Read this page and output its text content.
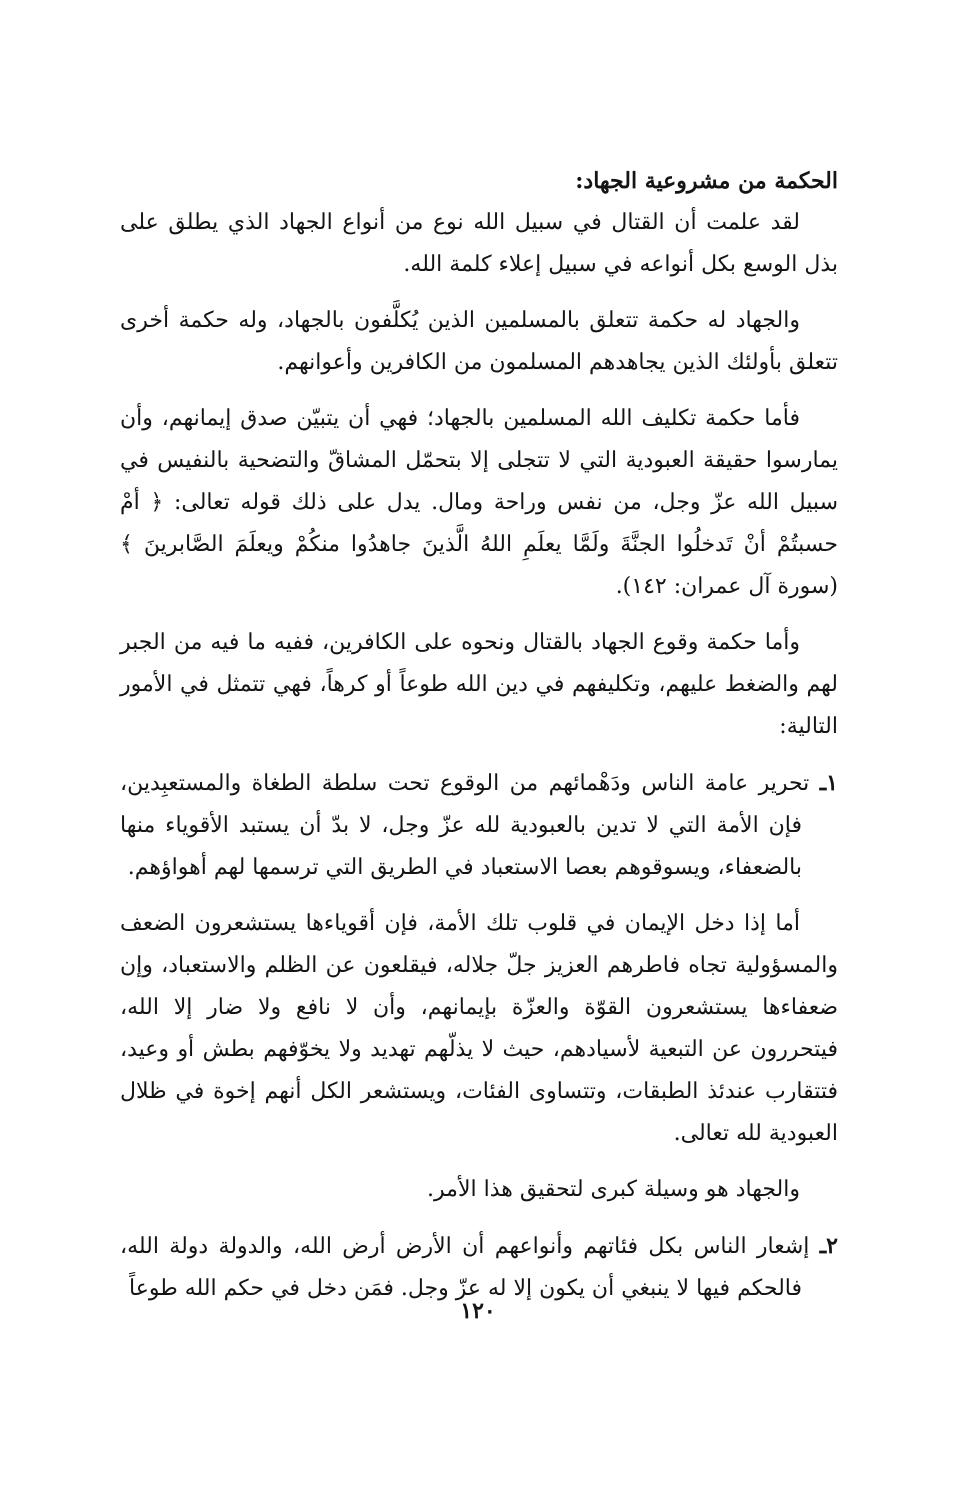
الحكمة من مشروعية الجهاد:

لقد علمت أن القتال في سبيل الله نوع من أنواع الجهاد الذي يطلق على بذل الوسع بكل أنواعه في سبيل إعلاء كلمة الله.

والجهاد له حكمة تتعلق بالمسلمين الذين يُكلَّفون بالجهاد، وله حكمة أخرى تتعلق بأولئك الذين يجاهدهم المسلمون من الكافرين وأعوانهم.

فأما حكمة تكليف الله المسلمين بالجهاد؛ فهي أن يتبيّن صدق إيمانهم، وأن يمارسوا حقيقة العبودية التي لا تتجلى إلا بتحمّل المشاقّ والتضحية بالنفيس في سبيل الله عزّ وجل، من نفس وراحة ومال. يدل على ذلك قوله تعالى: ﴿ أمْ حسبتُمْ أنْ تَدخلُوا الجنَّةَ ولَمَّا يعلَمِ اللهُ الَّذينَ جاهدُوا منكُمْ ويعلَمَ الصَّابرينَ ﴾ (سورة آل عمران: ١٤٢).

وأما حكمة وقوع الجهاد بالقتال ونحوه على الكافرين، ففيه ما فيه من الجبر لهم والضغط عليهم، وتكليفهم في دين الله طوعاً أو كرهاً، فهي تتمثل في الأمور التالية:

١ـ تحرير عامة الناس ودَهْمائهم من الوقوع تحت سلطة الطغاة والمستعبِدين، فإن الأمة التي لا تدين بالعبودية لله عزّ وجل، لا بدّ أن يستبد الأقوياء منها بالضعفاء، ويسوقوهم بعصا الاستعباد في الطريق التي ترسمها لهم أهواؤهم.

أما إذا دخل الإيمان في قلوب تلك الأمة، فإن أقوياءها يستشعرون الضعف والمسؤولية تجاه فاطرهم العزيز جلّ جلاله، فيقلعون عن الظلم والاستعباد، وإن ضعفاءها يستشعرون القوّة والعزّة بإيمانهم، وأن لا نافع ولا ضار إلا الله، فيتحررون عن التبعية لأسيادهم، حيث لا يذلّهم تهديد ولا يخوّفهم بطش أو وعيد، فتتقارب عندئذ الطبقات، وتتساوى الفئات، ويستشعر الكل أنهم إخوة في ظلال العبودية لله تعالى.

والجهاد هو وسيلة كبرى لتحقيق هذا الأمر.

٢ـ إشعار الناس بكل فئاتهم وأنواعهم أن الأرض أرض الله، والدولة دولة الله، فالحكم فيها لا ينبغي أن يكون إلا له عزّ وجل. فمَن دخل في حكم الله طوعاً

١٢٠
